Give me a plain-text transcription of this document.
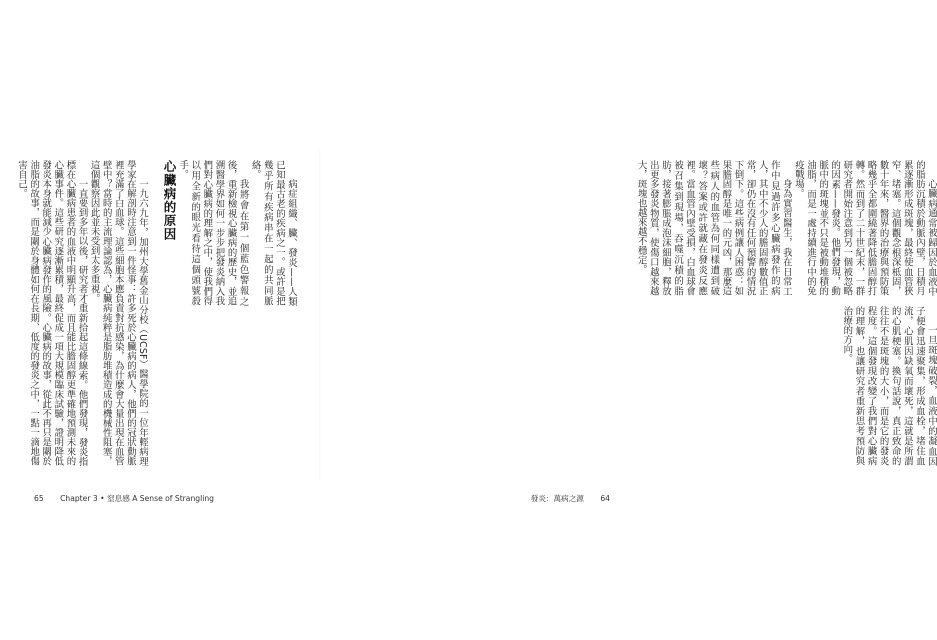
病症組織、臟、發炎——人類已知最古老的疾病之一。或許是把幾乎所有疾病串在一起的共同脈絡。

我將會在第一個藍色警報之後，重新檢視心臟病的歷史，並追溯醫學界如何一步步把發炎納入我們對心臟病的理解之中，使我們得以用全新的眼光看待這個頭號殺手。

心臟病的原因

一九六九年，加州大學舊金山分校（UCSF）醫學院的一位年輕病理學家在解剖時注意到一件怪事：許多死於心臟病的病人，他們的冠狀動脈裡充滿了白血球。這些細胞本應負責對抗感染，為什麼會大量出現在血管壁中？當時的主流理論認為，心臟病純粹是脂肪堆積造成的機械性阻塞，這個觀察因此並未受到太多重視。

一直要到多年以後，研究者才重新拾起這條線索。他們發現，發炎指標在心臟病患者的血液中明顯升高，而且能比膽固醇更準確地預測未來的心臟事件。這些研究逐漸累積，最終促成一項大規模臨床試驗，證明降低發炎本身就能減少心臟病發作的風險。心臟病的故事，從此不再只是關於油脂的故事，而是關於身體如何在長期、低度的發炎之中，一點一滴地傷害自己。

65 Chapter 3 • 窒息感 A Sense of Strangling

心臟病通常被歸因於血液中的脂肪沉積於動脈內壁，日積月累逐漸形成斑塊，最終使血管狹窄、堵塞。這個觀念根深柢固，數十年來，醫界的治療與預防策略幾乎全都圍繞著降低膽固醇打轉。然而到了二十世紀末，一群研究者開始注意到另一個被忽略的因素——發炎。他們發現，動脈中的斑塊並不只是被動堆積的油脂，而是一處持續進行中的免疫戰場。

身為實習醫生，我在日常工作中見過許多心臟病發作的病人，其中不少人的膽固醇數值正常，卻仍在沒有任何預警的情況下倒下。這些病例讓人困惑：如果膽固醇是唯一的元凶，那麼這些病人的血管為何同樣遭到破壞？答案或許就藏在發炎反應裡。當血管內壁受損，白血球會被召集到現場，吞噬沉積的脂肪，接著膨脹成泡沫細胞，釋放出更多發炎物質，使傷口越來越大，斑塊也越來越不穩定。

一旦斑塊破裂，血液中的凝血因子便會迅速聚集，形成血栓，堵住血流，心肌因缺氧而壞死，這就是所謂的心肌梗塞。換句話說，真正致命的往往不是斑塊的大小，而是它的發炎程度。這個發現改變了我們對心臟病的理解，也讓研究者重新思考預防與治療的方向。

發炎：萬病之源 64
